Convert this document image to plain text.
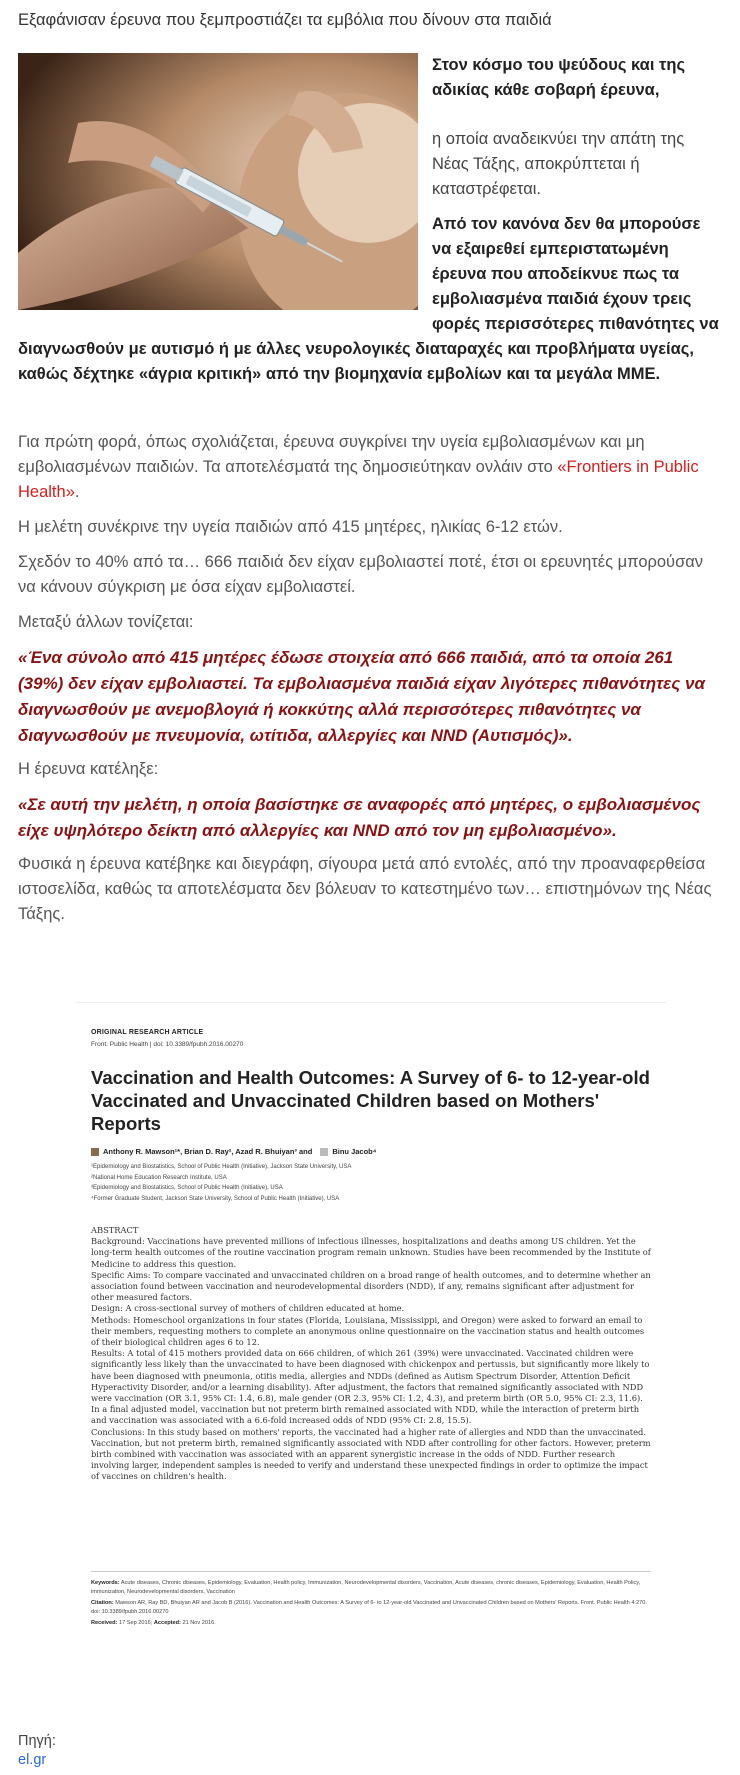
Εξαφάνισαν έρευνα που ξεμπροστιάζει τα εμβόλια που δίνουν στα παιδιά

Στον κόσμο του ψεύδους και της αδικίας κάθε σοβαρή έρευνα,

η οποία αναδεικνύει την απάτη της Νέας Τάξης, αποκρύπτεται ή καταστρέφεται.

Από τον κανόνα δεν θα μπορούσε να εξαιρεθεί εμπεριστατωμένη έρευνα που αποδείκνυε πως τα εμβολιασμένα παιδιά έχουν τρεις φορές περισσότερες πιθανότητες να διαγνωσθούν με αυτισμό ή με άλλες νευρολογικές διαταραχές και προβλήματα υγείας, καθώς δέχτηκε «άγρια κριτική» από την βιομηχανία εμβολίων και τα μεγάλα ΜΜΕ.

Για πρώτη φορά, όπως σχολιάζεται, έρευνα συγκρίνει την υγεία εμβολιασμένων και μη εμβολιασμένων παιδιών. Τα αποτελέσματά της δημοσιεύτηκαν ονλάιν στο «Frontiers in Public Health».

Η μελέτη συνέκρινε την υγεία παιδιών από 415 μητέρες, ηλικίας 6-12 ετών.

Σχεδόν το 40% από τα… 666 παιδιά δεν είχαν εμβολιαστεί ποτέ, έτσι οι ερευνητές μπορούσαν να κάνουν σύγκριση με όσα είχαν εμβολιαστεί.

Μεταξύ άλλων τονίζεται:

«Ένα σύνολο από 415 μητέρες έδωσε στοιχεία από 666 παιδιά, από τα οποία 261 (39%) δεν είχαν εμβολιαστεί. Τα εμβολιασμένα παιδιά είχαν λιγότερες πιθανότητες να διαγνωσθούν με ανεμοβλογιά ή κοκκύτης αλλά περισσότερες πιθανότητες να διαγνωσθούν με πνευμονία, ωτίτιδα, αλλεργίες και NND (Αυτισμός)».

Η έρευνα κατέληξε:

«Σε αυτή την μελέτη, η οποία βασίστηκε σε αναφορές από μητέρες, ο εμβολιασμένος είχε υψηλότερο δείκτη από αλλεργίες και NND από τον μη εμβολιασμένο».

Φυσικά η έρευνα κατέβηκε και διεγράφη, σίγουρα μετά από εντολές, από την προαναφερθείσα ιστοσελίδα, καθώς τα αποτελέσματα δεν βόλευαν το κατεστημένο των… επιστημόνων της Νέας Τάξης.

ORIGINAL RESEARCH ARTICLE
Front. Public Health | doi: 10.3389/fpubh.2016.00270
Vaccination and Health Outcomes: A Survey of 6- to 12-year-old Vaccinated and Unvaccinated Children based on Mothers' Reports
Anthony R. Mawson¹*, Brian D. Ray², Azad R. Bhuiyan³ and	Binu Jacob⁴
¹Epidemiology and Biostatistics, School of Public Health (Initiative), Jackson State University, USA
²National Home Education Research Institute, USA
³Epidemiology and Biostatistics, School of Public Health (Initiative), USA
⁴Former Graduate Student, Jackson State University, School of Public Health (Initiative), USA

ABSTRACT

Background: Vaccinations have prevented millions of infectious illnesses, hospitalizations and deaths among US children. Yet the long-term health outcomes of the routine vaccination program remain unknown. Studies have been recommended by the Institute of Medicine to address this question.

Specific Aims: To compare vaccinated and unvaccinated children on a broad range of health outcomes, and to determine whether an association found between vaccination and neurodevelopmental disorders (NDD), if any, remains significant after adjustment for other measured factors.

Design: A cross-sectional survey of mothers of children educated at home.

Methods: Homeschool organizations in four states (Florida, Louisiana, Mississippi, and Oregon) were asked to forward an email to their members, requesting mothers to complete an anonymous online questionnaire on the vaccination status and health outcomes of their biological children ages 6 to 12.

Results: A total of 415 mothers provided data on 666 children, of which 261 (39%) were unvaccinated. Vaccinated children were significantly less likely than the unvaccinated to have been diagnosed with chickenpox and pertussis, but significantly more likely to have been diagnosed with pneumonia, otitis media, allergies and NDDs (defined as Autism Spectrum Disorder, Attention Deficit Hyperactivity Disorder, and/or a learning disability). After adjustment, the factors that remained significantly associated with NDD were vaccination (OR 3.1, 95% CI: 1.4, 6.8), male gender (OR 2.3, 95% CI: 1.2, 4.3), and preterm birth (OR 5.0, 95% CI: 2.3, 11.6). In a final adjusted model, vaccination but not preterm birth remained associated with NDD, while the interaction of preterm birth and vaccination was associated with a 6.6-fold increased odds of NDD (95% CI: 2.8, 15.5).

Conclusions: In this study based on mothers' reports, the vaccinated had a higher rate of allergies and NDD than the unvaccinated. Vaccination, but not preterm birth, remained significantly associated with NDD after controlling for other factors. However, preterm birth combined with vaccination was associated with an apparent synergistic increase in the odds of NDD. Further research involving larger, independent samples is needed to verify and understand these unexpected findings in order to optimize the impact of vaccines on children's health.

Keywords: Acute diseases, Chronic diseases, Epidemiology, Evaluation, Health policy, Immunization, Neurodevelopmental disorders, Vaccination, Acute diseases, chronic diseases, Epidemiology, Evaluation, Health Policy, immunization, Neurodevelopmental disorders, Vaccination

Citation: Mawson AR, Ray BD, Bhuiyan AR and Jacob B (2016). Vaccination and Health Outcomes: A Survey of 6- to 12-year-old Vaccinated and Unvaccinated Children based on Mothers' Reports. Front. Public Health 4:270. doi: 10.3389/fpubh.2016.00270

Received: 17 Sep 2016; Accepted: 21 Nov 2016.

Πηγή:
el.gr
